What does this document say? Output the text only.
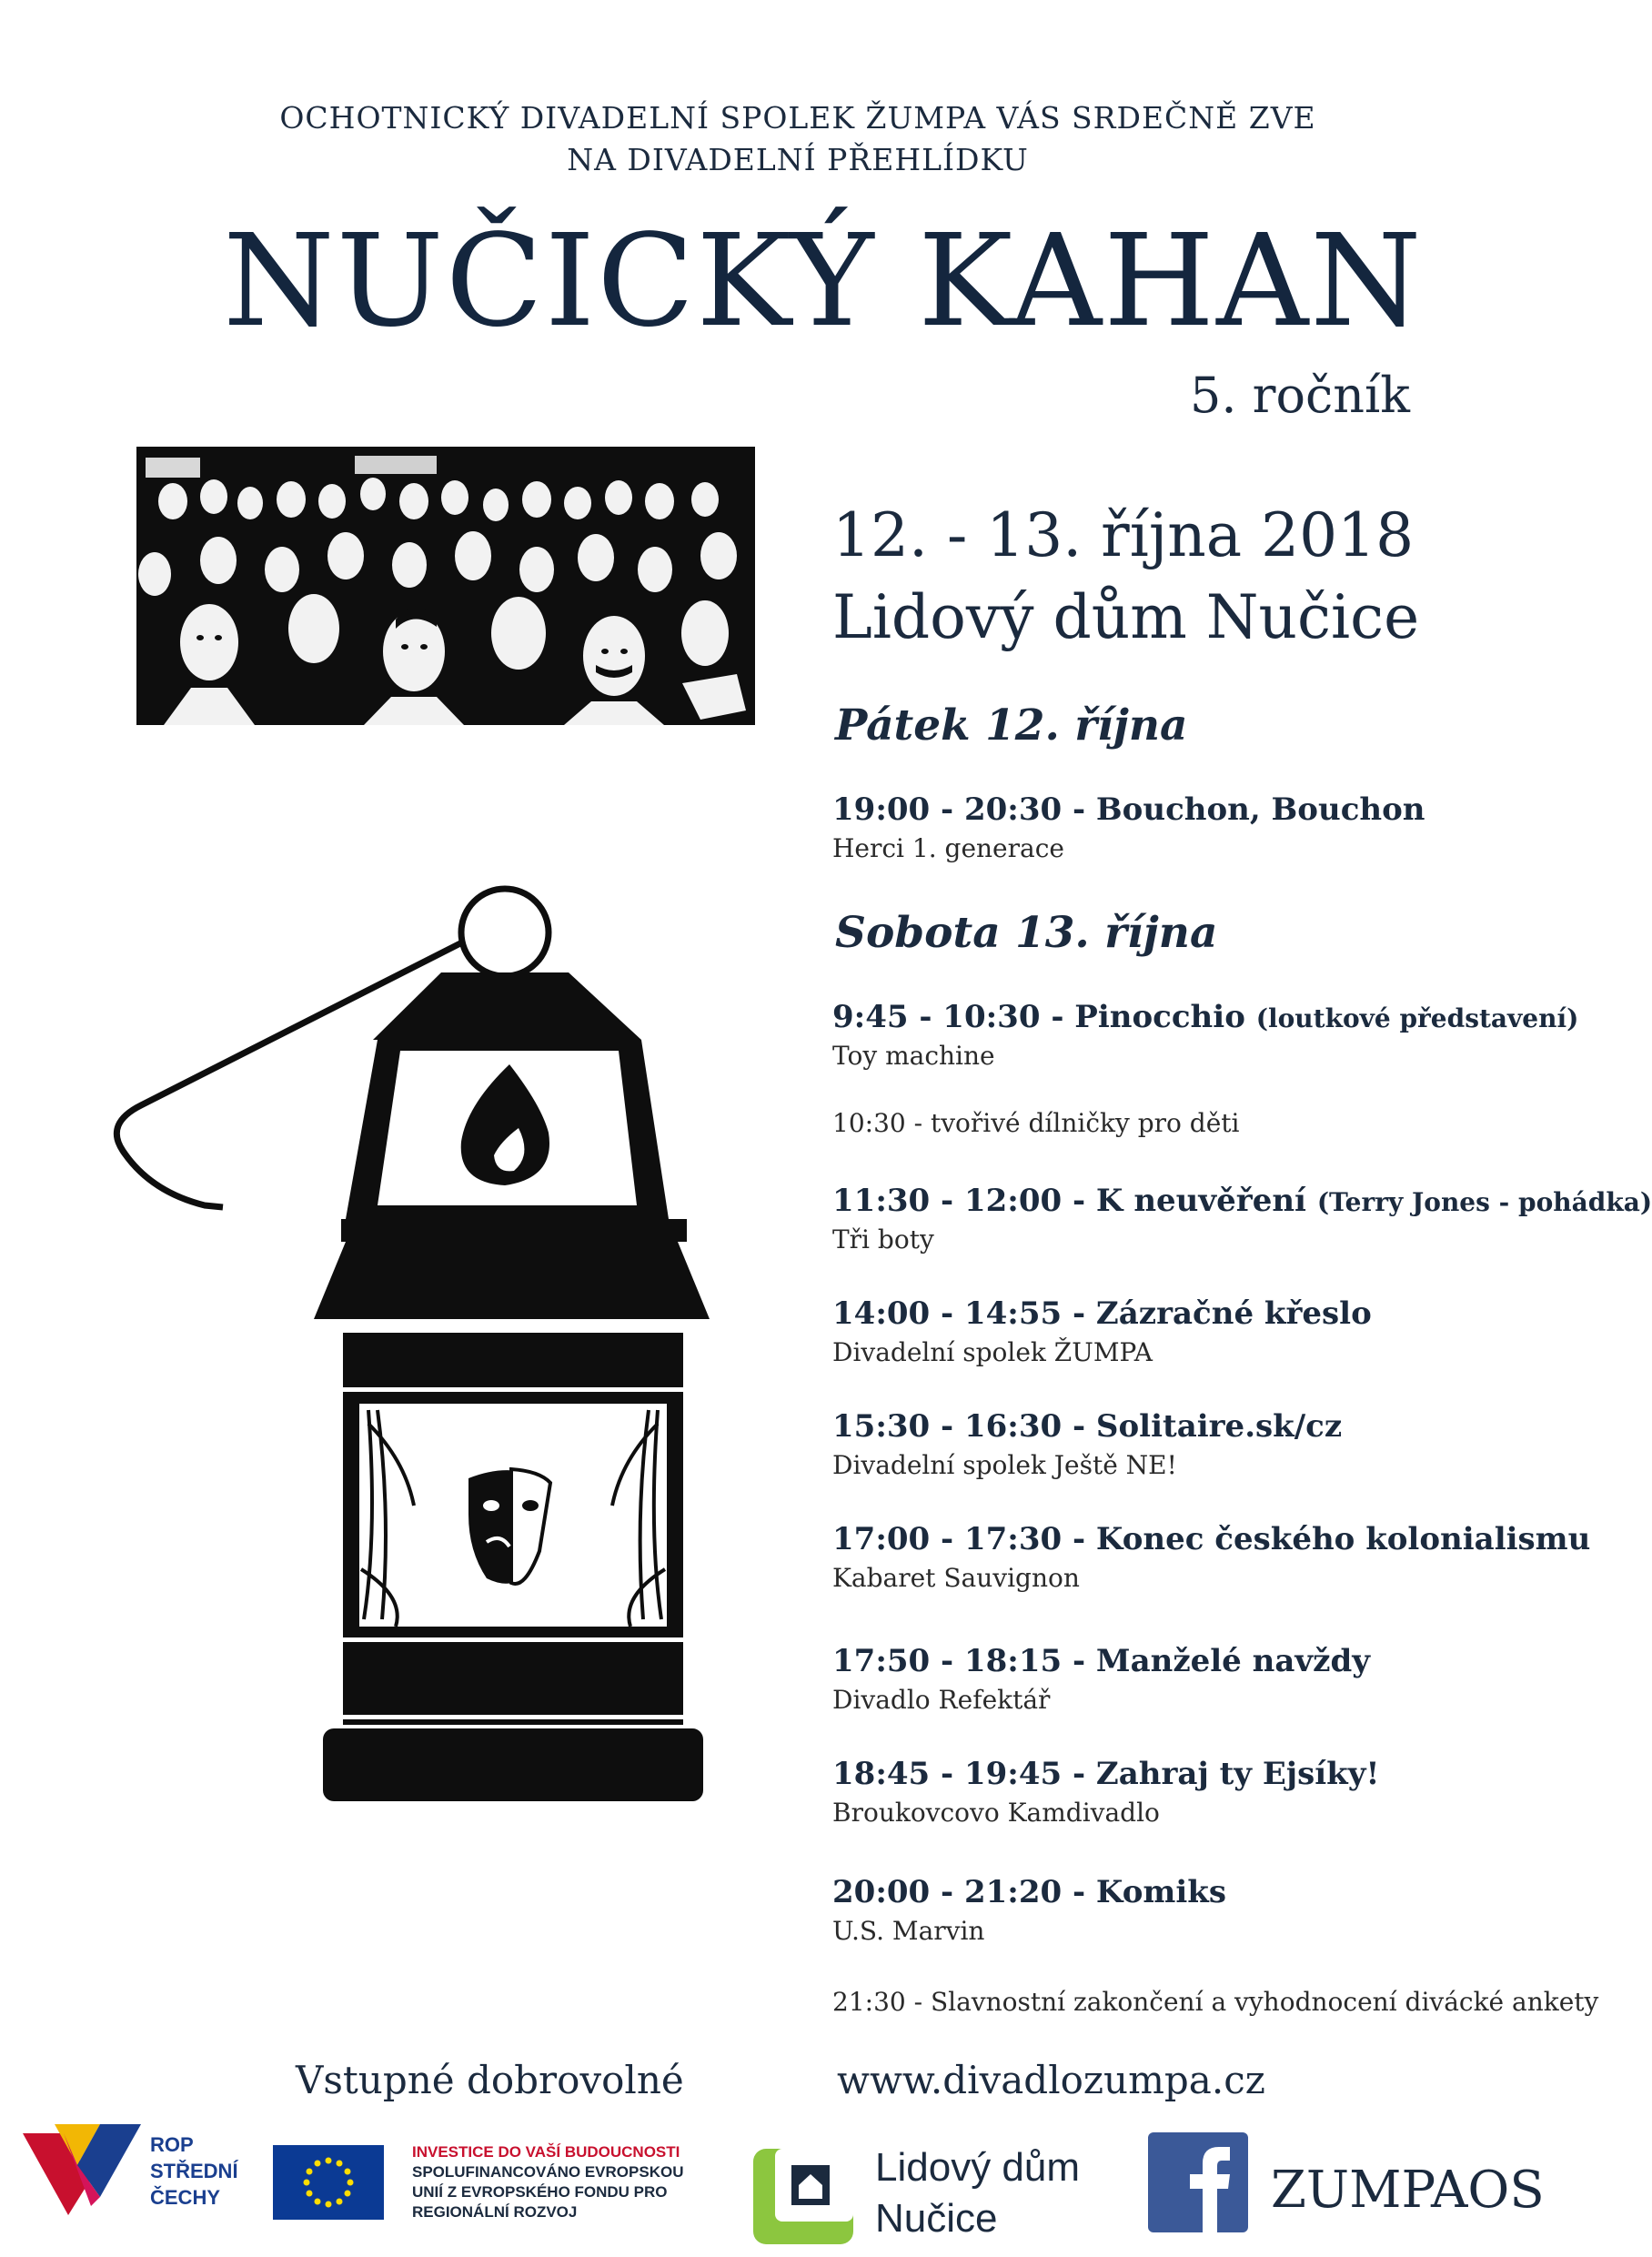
OCHOTNICKÝ DIVADELNÍ SPOLEK ŽUMPA VÁS SRDEČNĚ ZVE
NA DIVADELNÍ PŘEHLÍDKU
NUČICKÝ KAHAN
5. ročník
12. - 13. října 2018
Lidový dům Nučice
Pátek 12. října
19:00 - 20:30 - Bouchon, Bouchon
Herci 1. generace
Sobota 13. října
9:45 - 10:30 - Pinocchio (loutkové představení)
Toy machine
10:30 - tvořivé dílničky pro děti
11:30 - 12:00 - K neuvěření (Terry Jones - pohádka)
Tři boty
14:00 - 14:55 - Zázračné křeslo
Divadelní spolek ŽUMPA
15:30 - 16:30 - Solitaire.sk/cz
Divadelní spolek Ještě NE!
17:00 - 17:30 - Konec českého kolonialismu
Kabaret Sauvignon
17:50 - 18:15 - Manželé navždy
Divadlo Refektář
18:45 - 19:45 - Zahraj ty Ejsíky!
Broukovcovo Kamdivadlo
20:00 - 21:20 - Komiks
U.S. Marvin
21:30 - Slavnostní zakončení a vyhodnocení divácké ankety
Vstupné dobrovolné	www.divadlozumpa.cz
ROP
STŘEDNÍ
ČECHY
INVESTICE DO VAŠÍ BUDOUCNOSTI
SPOLUFINANCOVÁNO EVROPSKOU
UNIÍ Z EVROPSKÉHO FONDU PRO
REGIONÁLNÍ ROZVOJ
Lidový dům
Nučice	ZUMPAOS
